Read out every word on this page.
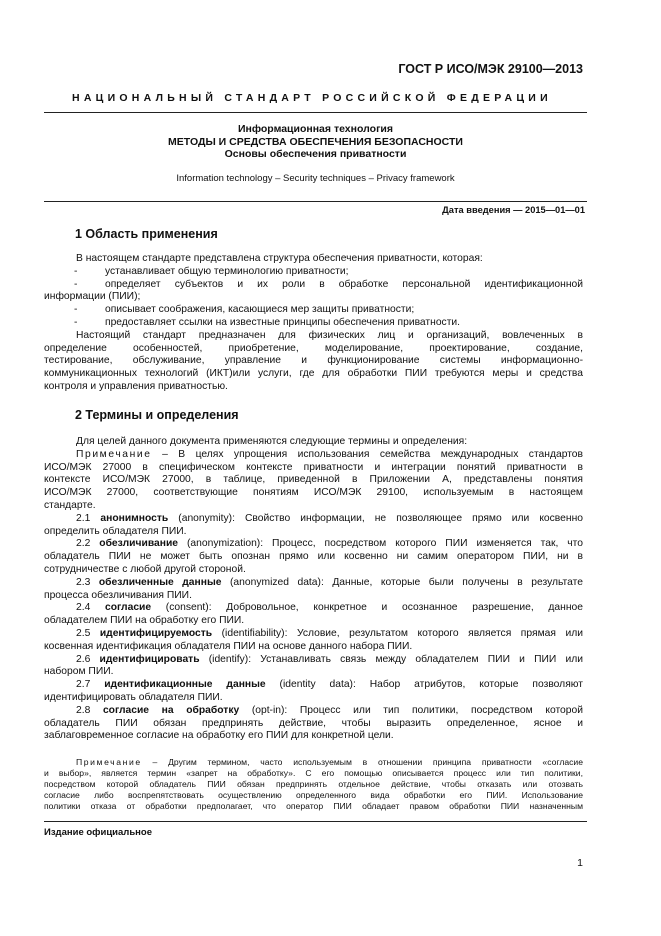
ГОСТ Р ИСО/МЭК 29100—2013
НАЦИОНАЛЬНЫЙ СТАНДАРТ РОССИЙСКОЙ ФЕДЕРАЦИИ
Информационная технология
МЕТОДЫ И СРЕДСТВА ОБЕСПЕЧЕНИЯ БЕЗОПАСНОСТИ
Основы обеспечения приватности
Information technology – Security techniques – Privacy framework
Дата введения — 2015—01—01
1 Область применения

В настоящем стандарте представлена структура обеспечения приватности, которая:

-	устанавливает общую терминологию приватности;
-	определяет субъектов и их роли в обработке персональной идентификационной

информации (ПИИ);

-	описывает соображения, касающиеся мер защиты приватности;
-	предоставляет ссылки на известные принципы обеспечения приватности.

Настоящий стандарт предназначен для физических лиц и организаций, вовлеченных в

определение особенностей, приобретение, моделирование, проектирование, создание,

тестирование, обслуживание, управление и функционирование системы информационно-

коммуникационных технологий (ИКТ)или услуги, где для обработки ПИИ требуются меры и средства

контроля и управления приватностью.

2 Термины и определения

Для целей данного документа применяются следующие термины и определения:

Примечание – В целях упрощения использования семейства международных стандартов

ИСО/МЭК 27000 в специфическом контексте приватности и интеграции понятий приватности в

контексте ИСО/МЭК 27000, в таблице, приведенной в Приложении А, представлены понятия

ИСО/МЭК 27000, соответствующие понятиям ИСО/МЭК 29100, используемым в настоящем

стандарте.

2.1 анонимность (anonymity): Свойство информации, не позволяющее прямо или косвенно

определить обладателя ПИИ.

2.2 обезличивание (anonymization): Процесс, посредством которого ПИИ изменяется так, что

обладатель ПИИ не может быть опознан прямо или косвенно ни самим оператором ПИИ, ни в

сотрудничестве с любой другой стороной.

2.3 обезличенные данные (anonymized data): Данные, которые были получены в результате

процесса обезличивания ПИИ.

2.4 согласие (consent): Добровольное, конкретное и осознанное разрешение, данное

обладателем ПИИ на обработку его ПИИ.

2.5 идентифицируемость (identifiability): Условие, результатом которого является прямая или

косвенная идентификация обладателя ПИИ на основе данного набора ПИИ.

2.6 идентифицировать (identify): Устанавливать связь между обладателем ПИИ и ПИИ или

набором ПИИ.

2.7 идентификационные данные (identity data): Набор атрибутов, которые позволяют

идентифицировать обладателя ПИИ.

2.8 согласие на обработку (opt-in): Процесс или тип политики, посредством которой

обладатель ПИИ обязан предпринять действие, чтобы выразить определенное, ясное и

заблаговременное согласие на обработку его ПИИ для конкретной цели.

Примечание – Другим термином, часто используемым в отношении принципа приватности «согласие

и выбор», является термин «запрет на обработку». С его помощью описывается процесс или тип политики,

посредством которой обладатель ПИИ обязан предпринять отдельное действие, чтобы отказать или отозвать

согласие либо воспрепятствовать осуществлению определенного вида обработки его ПИИ. Использование

политики отказа от обработки предполагает, что оператор ПИИ обладает правом обработки ПИИ назначенным

Издание официальное
1
